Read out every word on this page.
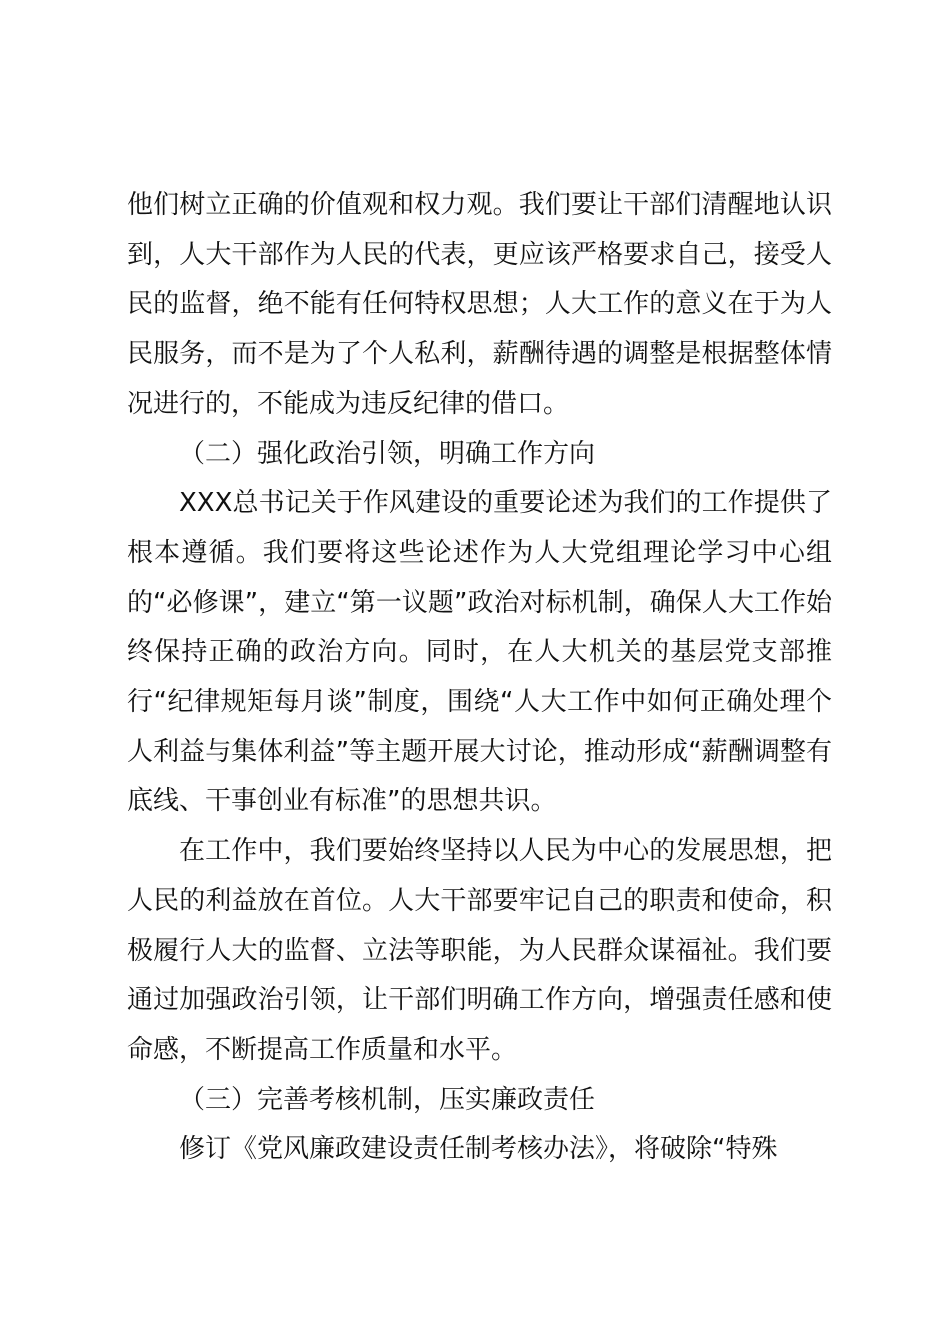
他们树立正确的价值观和权力观。我们要让干部们清醒地认识到，人大干部作为人民的代表，更应该严格要求自己，接受人民的监督，绝不能有任何特权思想；人大工作的意义在于为人民服务，而不是为了个人私利，薪酬待遇的调整是根据整体情况进行的，不能成为违反纪律的借口。

（二）强化政治引领，明确工作方向

XXX总书记关于作风建设的重要论述为我们的工作提供了根本遵循。我们要将这些论述作为人大党组理论学习中心组的“必修课”，建立“第一议题”政治对标机制，确保人大工作始终保持正确的政治方向。同时，在人大机关的基层党支部推行“纪律规矩每月谈”制度，围绕“人大工作中如何正确处理个人利益与集体利益”等主题开展大讨论，推动形成“薪酬调整有底线、干事创业有标准”的思想共识。

在工作中，我们要始终坚持以人民为中心的发展思想，把人民的利益放在首位。人大干部要牢记自己的职责和使命，积极履行人大的监督、立法等职能，为人民群众谋福祉。我们要通过加强政治引领，让干部们明确工作方向，增强责任感和使命感，不断提高工作质量和水平。

（三）完善考核机制，压实廉政责任

修订《党风廉政建设责任制考核办法》，将破除“特殊
